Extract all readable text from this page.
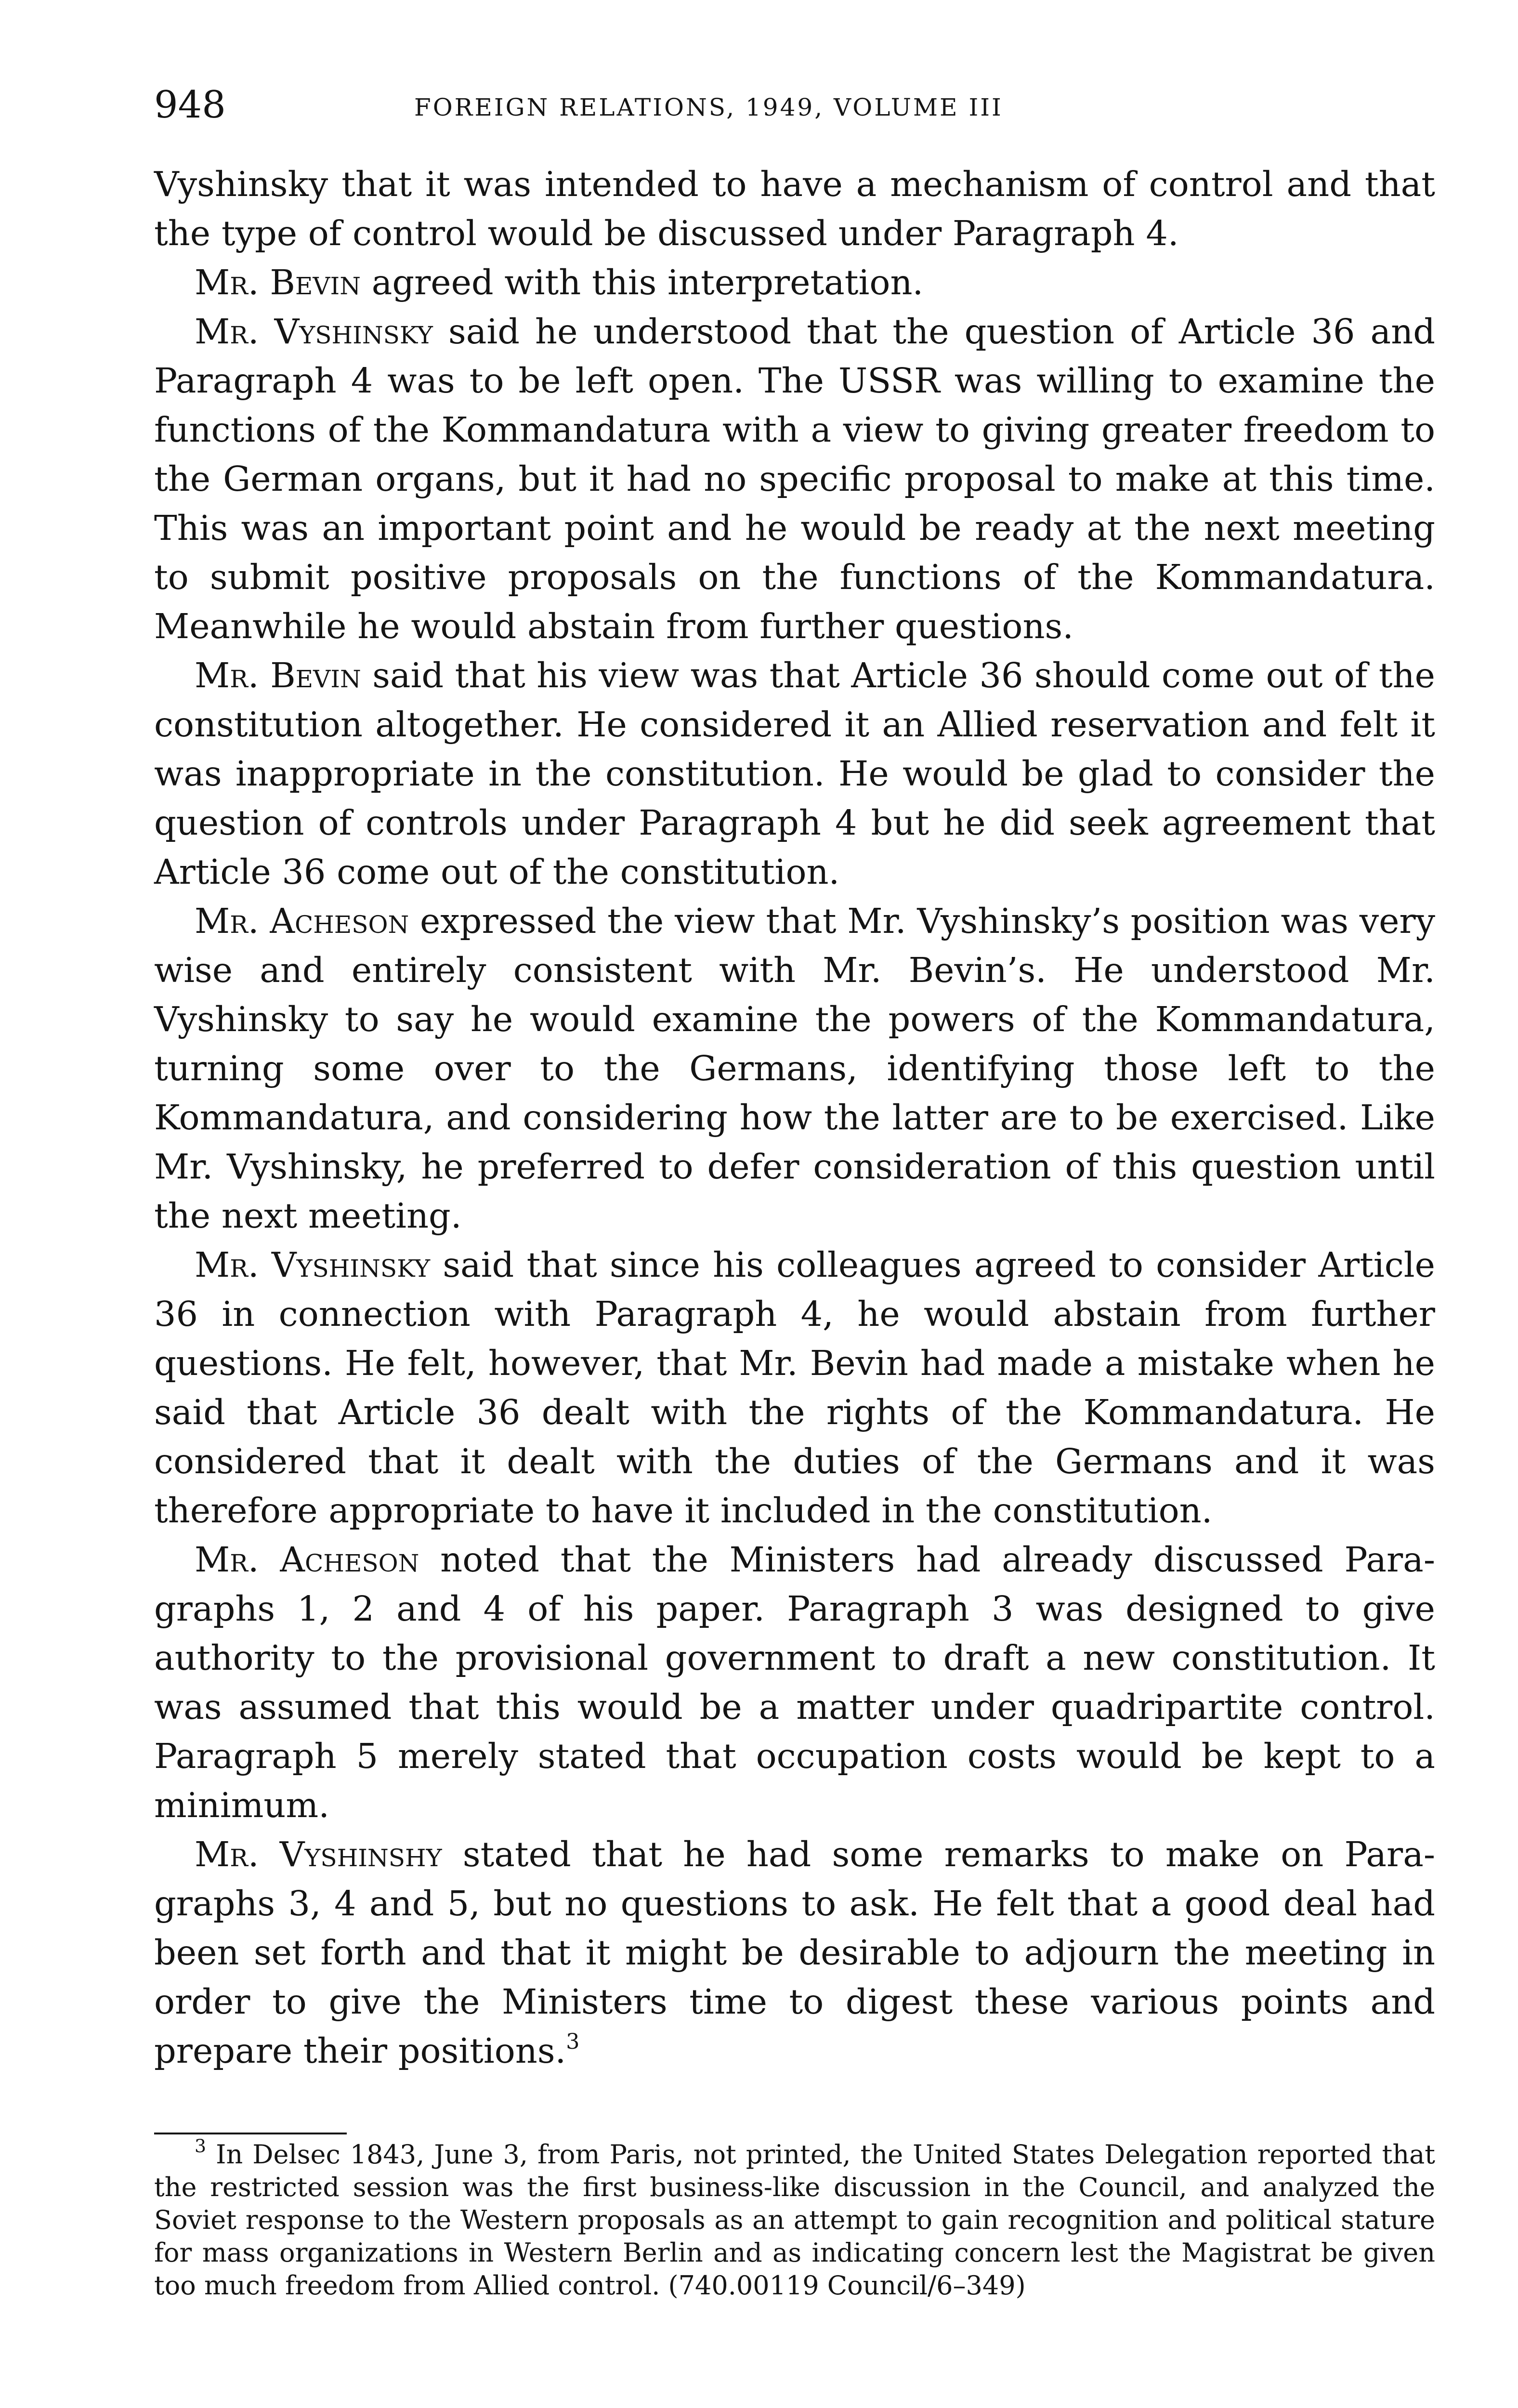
948	FOREIGN RELATIONS, 1949, VOLUME III

Vyshinsky that it was intended to have a mechanism of control and that the type of control would be discussed under Paragraph 4.

Mr. Bevin agreed with this interpretation.

Mr. Vyshinsky said he understood that the question of Article 36 and Paragraph 4 was to be left open. The USSR was willing to examine the functions of the Kommandatura with a view to giving greater freedom to the German organs, but it had no specific proposal to make at this time. This was an important point and he would be ready at the next meeting to submit positive proposals on the functions of the Kommandatura. Meanwhile he would abstain from further questions.

Mr. Bevin said that his view was that Article 36 should come out of the constitution altogether. He considered it an Allied reservation and felt it was inappropriate in the constitution. He would be glad to consider the question of controls under Paragraph 4 but he did seek agreement that Article 36 come out of the constitution.

Mr. Acheson expressed the view that Mr. Vyshinsky’s position was very wise and entirely consistent with Mr. Bevin’s. He understood Mr. Vyshinsky to say he would examine the powers of the Kommandatura, turning some over to the Germans, identifying those left to the Kommandatura, and considering how the latter are to be exercised. Like Mr. Vyshinsky, he preferred to defer consideration of this question until the next meeting.

Mr. Vyshinsky said that since his colleagues agreed to consider Article 36 in connection with Paragraph 4, he would abstain from further questions. He felt, however, that Mr. Bevin had made a mistake when he said that Article 36 dealt with the rights of the Kommandatura. He considered that it dealt with the duties of the Germans and it was therefore appropriate to have it included in the constitution.

Mr. Acheson noted that the Ministers had already discussed Paragraphs 1, 2 and 4 of his paper. Paragraph 3 was designed to give authority to the provisional government to draft a new constitution. It was assumed that this would be a matter under quadripartite control. Paragraph 5 merely stated that occupation costs would be kept to a minimum.

Mr. Vyshinshy stated that he had some remarks to make on Paragraphs 3, 4 and 5, but no questions to ask. He felt that a good deal had been set forth and that it might be desirable to adjourn the meeting in order to give the Ministers time to digest these various points and prepare their positions.$^3$

$^3$ In Delsec 1843, June 3, from Paris, not printed, the United States Delegation reported that the restricted session was the first business-like discussion in the Council, and analyzed the Soviet response to the Western proposals as an attempt to gain recognition and political stature for mass organizations in Western Berlin and as indicating concern lest the Magistrat be given too much freedom from Allied control. (740.00119 Council/6–349)
